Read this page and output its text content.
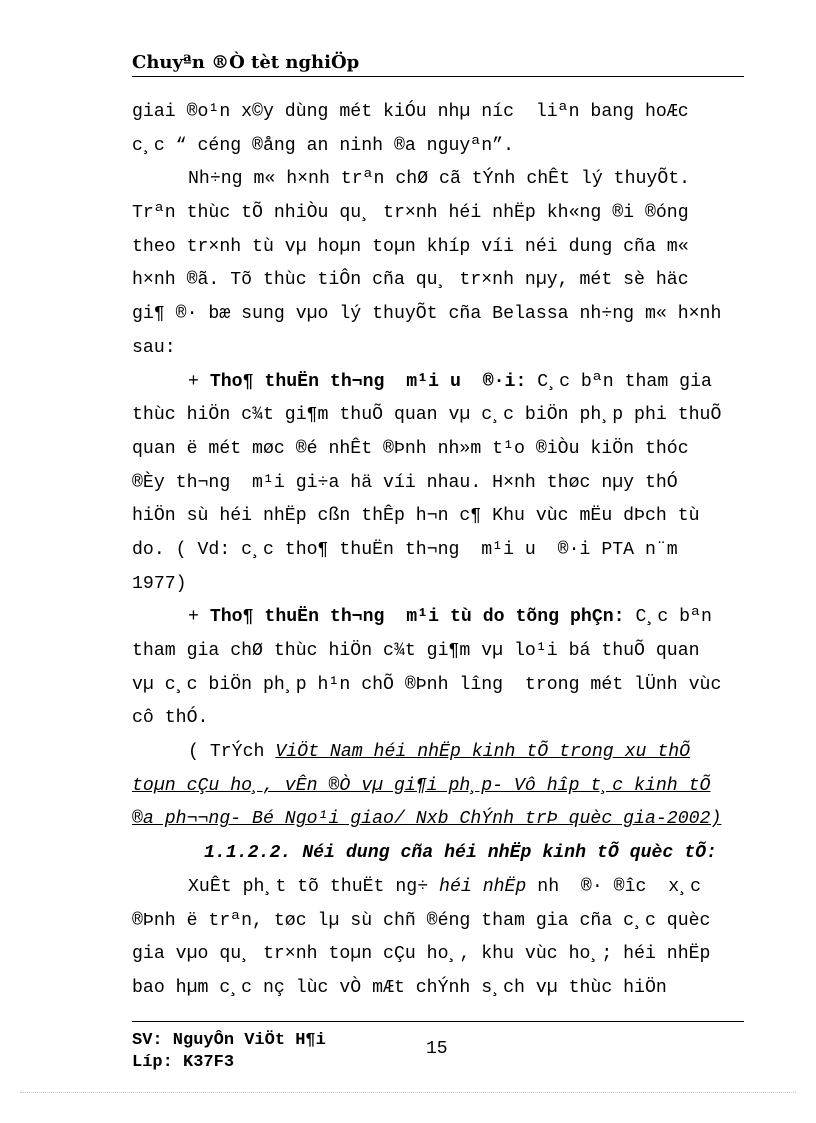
Chuyªn ®Ò tèt nghiÖp
giai ®o¹n x©y dùng mét kiÓu nhµ níc  liªn bang hoÆc
c¸c “ céng ®ång an ninh ®a nguyªn”.
Nh÷ng m« h×nh trªn chØ cã tÝnh chÊt lý thuyÕt.
Trªn thùc tÕ nhiÒu qu¸ tr×nh héi nhËp kh«ng ®i ®óng
theo tr×nh tù vµ hoµn toµn khíp víi néi dung cña m«
h×nh ®ã. Tõ thùc tiÔn cña qu¸ tr×nh nµy, mét sè häc
gi¶ ®· bæ sung vµo lý thuyÕt cña Belassa nh÷ng m« h×nh
sau:
+ Tho¶ thuËn th¬ng  m¹i u  ®·i: C¸c bªn tham gia
thùc hiÖn c¾t gi¶m thuÕ quan vµ c¸c biÖn ph¸p phi thuÕ
quan ë mét møc ®é nhÊt ®Þnh nh»m t¹o ®iÒu kiÖn thóc
®Èy th¬ng  m¹i gi÷a hä víi nhau. H×nh thøc nµy thÓ
hiÖn sù héi nhËp cßn thÊp h¬n c¶ Khu vùc mËu dÞch tù
do. ( Vd: c¸c tho¶ thuËn th¬ng  m¹i u  ®·i PTA n¨m
1977)
+ Tho¶ thuËn th¬ng  m¹i tù do tõng phÇn: C¸c bªn
tham gia chØ thùc hiÖn c¾t gi¶m vµ lo¹i bá thuÕ quan
vµ c¸c biÖn ph¸p h¹n chÕ ®Þnh lîng  trong mét lÜnh vùc
cô thÓ.
( TrÝch ViÖt Nam héi nhËp kinh tÕ trong xu thÕ
toµn cÇu ho¸, vÊn ®Ò vµ gi¶i ph¸p- Vô hîp t¸c kinh tÕ
®a ph¬¬ng- Bé Ngo¹i giao/ Nxb ChÝnh trÞ quèc gia-2002)
1.1.2.2. Néi dung cña héi nhËp kinh tÕ quèc tÕ:
XuÊt ph¸t tõ thuËt ng÷ héi nhËp nh  ®· ®îc  x¸c
®Þnh ë trªn, tøc lµ sù chñ ®éng tham gia cña c¸c quèc
gia vµo qu¸ tr×nh toµn cÇu ho¸, khu vùc ho¸; héi nhËp
bao hµm c¸c nç lùc vÒ mÆt chÝnh s¸ch vµ thùc hiÖn
SV: NguyÔn ViÖt H¶i
Líp: K37F3
15
